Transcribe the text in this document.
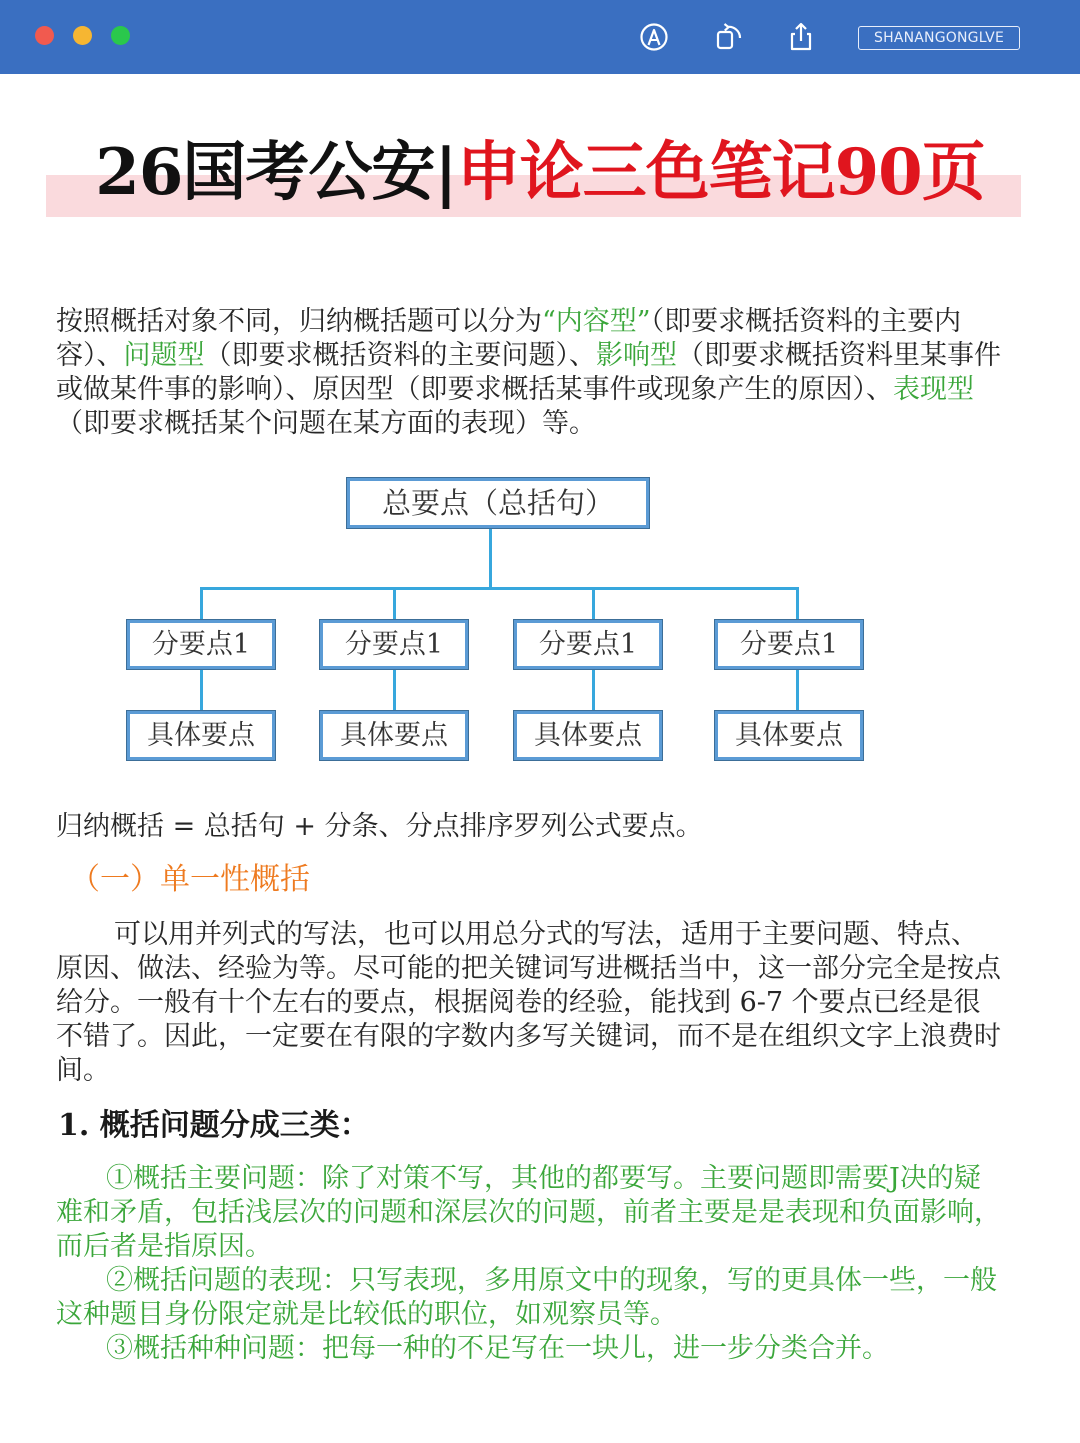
SHANANGONGLVE
26国考公安|申论三色笔记90页
按照概括对象不同，归纳概括题可以分为“内容型”（即要求概括资料的主要内容）、问题型（即要求概括资料的主要问题）、影响型（即要求概括资料里某事件或做某件事的影响）、原因型（即要求概括某事件或现象产生的原因）、表现型（即要求概括某个问题在某方面的表现）等。
总要点（总括句）
分要点1	分要点1	分要点1	分要点1
具体要点	具体要点	具体要点	具体要点
归纳概括 = 总括句 + 分条、分点排序罗列公式要点。
（一）单一性概括
可以用并列式的写法，也可以用总分式的写法，适用于主要问题、特点、原因、做法、经验为等。尽可能的把关键词写进概括当中，这一部分完全是按点给分。一般有十个左右的要点，根据阅卷的经验，能找到 6-7 个要点已经是很不错了。因此，一定要在有限的字数内多写关键词，而不是在组织文字上浪费时间。
1. 概括问题分成三类：
①概括主要问题：除了对策不写，其他的都要写。主要问题即需要J决的疑难和矛盾，包括浅层次的问题和深层次的问题，前者主要是是表现和负面影响，而后者是指原因。
②概括问题的表现：只写表现，多用原文中的现象，写的更具体一些，一般这种题目身份限定就是比较低的职位，如观察员等。
③概括种种问题：把每一种的不足写在一块儿，进一步分类合并。
